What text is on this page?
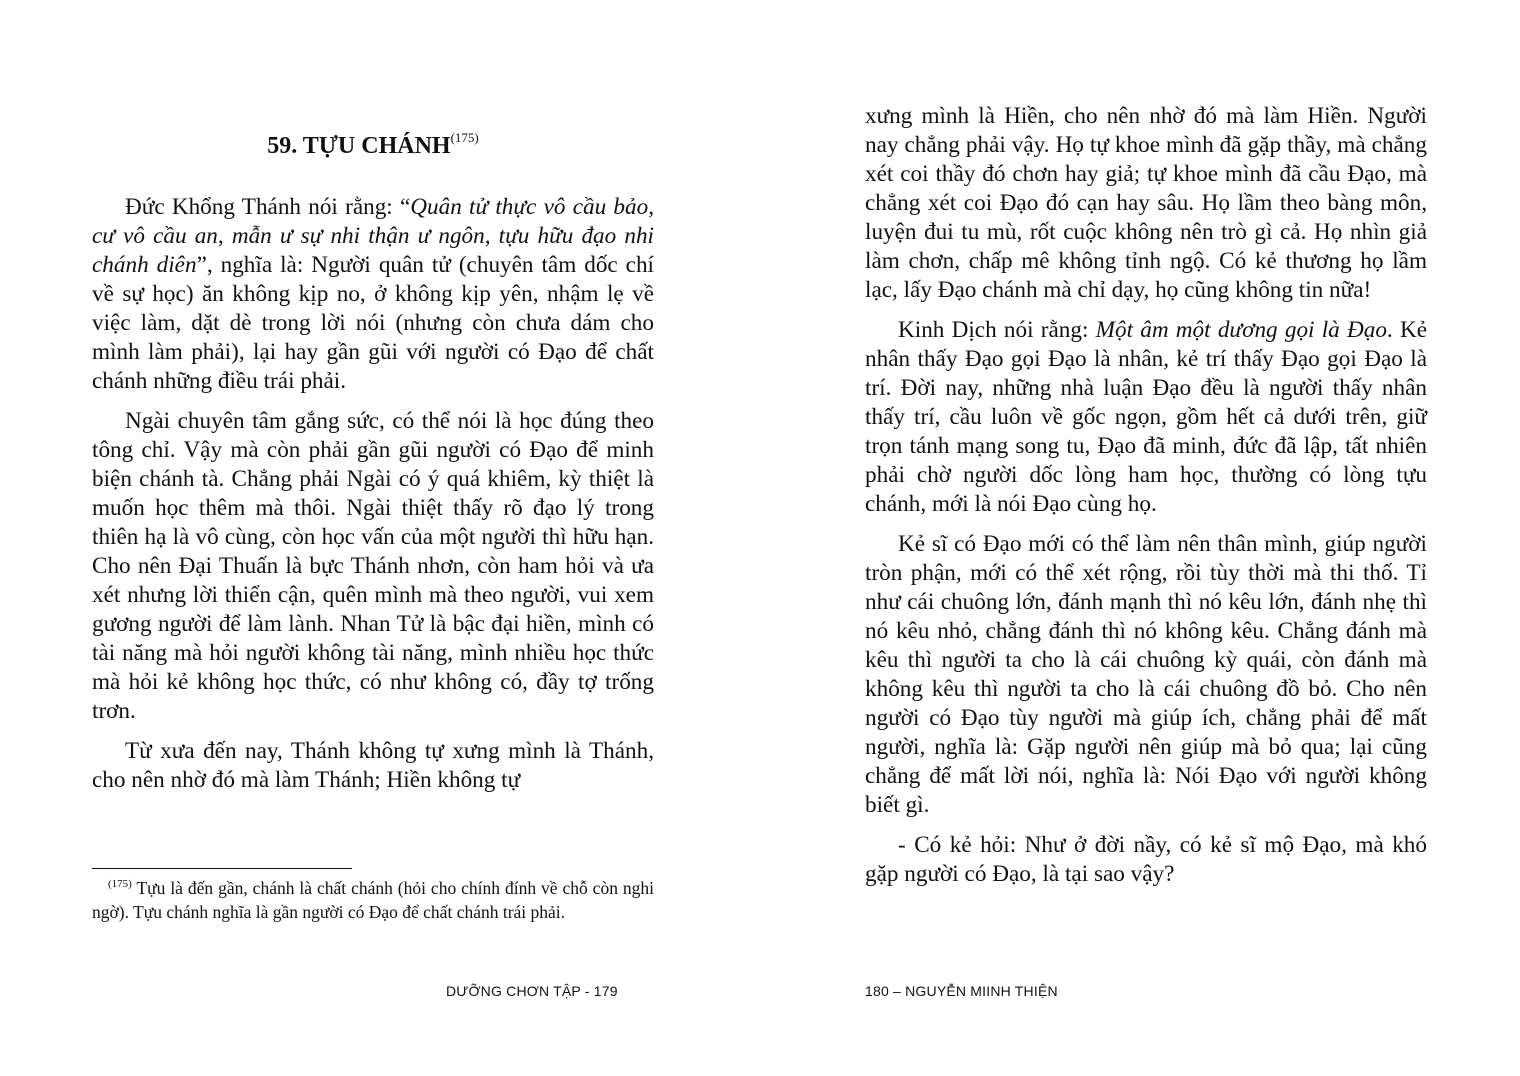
59. TỰU CHÁNH$^{(175)}$

Đức Khổng Thánh nói rằng: “Quân tử thực vô cầu bảo, cư vô cầu an, mẫn ư sự nhi thận ư ngôn, tựu hữu đạo nhi chánh diên”, nghĩa là: Người quân tử (chuyên tâm dốc chí về sự học) ăn không kịp no, ở không kịp yên, nhậm lẹ về việc làm, dặt dè trong lời nói (nhưng còn chưa dám cho mình làm phải), lại hay gần gũi với người có Đạo để chất chánh những điều trái phải.

Ngài chuyên tâm gắng sức, có thể nói là học đúng theo tông chỉ. Vậy mà còn phải gần gũi người có Đạo để minh biện chánh tà. Chẳng phải Ngài có ý quá khiêm, kỳ thiệt là muốn học thêm mà thôi. Ngài thiệt thấy rõ đạo lý trong thiên hạ là vô cùng, còn học vấn của một người thì hữu hạn. Cho nên Đại Thuấn là bực Thánh nhơn, còn ham hỏi và ưa xét nhưng lời thiển cận, quên mình mà theo người, vui xem gương người để làm lành. Nhan Tử là bậc đại hiền, mình có tài năng mà hỏi người không tài năng, mình nhiều học thức mà hỏi kẻ không học thức, có như không có, đầy tợ trống trơn.

Từ xưa đến nay, Thánh không tự xưng mình là Thánh, cho nên nhờ đó mà làm Thánh; Hiền không tự

$^{(175)}$ Tựu là đến gần, chánh là chất chánh (hỏi cho chính đính về chỗ còn nghi ngờ). Tựu chánh nghĩa là gần người có Đạo để chất chánh trái phải.

DƯỠNG CHƠN TẬP - 179

xưng mình là Hiền, cho nên nhờ đó mà làm Hiền. Người nay chẳng phải vậy. Họ tự khoe mình đã gặp thầy, mà chẳng xét coi thầy đó chơn hay giả; tự khoe mình đã cầu Đạo, mà chẳng xét coi Đạo đó cạn hay sâu. Họ lầm theo bàng môn, luyện đui tu mù, rốt cuộc không nên trò gì cả. Họ nhìn giả làm chơn, chấp mê không tỉnh ngộ. Có kẻ thương họ lầm lạc, lấy Đạo chánh mà chỉ dạy, họ cũng không tin nữa!

Kinh Dịch nói rằng: Một âm một dương gọi là Đạo. Kẻ nhân thấy Đạo gọi Đạo là nhân, kẻ trí thấy Đạo gọi Đạo là trí. Đời nay, những nhà luận Đạo đều là người thấy nhân thấy trí, cầu luôn về gốc ngọn, gồm hết cả dưới trên, giữ trọn tánh mạng song tu, Đạo đã minh, đức đã lập, tất nhiên phải chờ người dốc lòng ham học, thường có lòng tựu chánh, mới là nói Đạo cùng họ.

Kẻ sĩ có Đạo mới có thể làm nên thân mình, giúp người tròn phận, mới có thể xét rộng, rồi tùy thời mà thi thố. Tỉ như cái chuông lớn, đánh mạnh thì nó kêu lớn, đánh nhẹ thì nó kêu nhỏ, chẳng đánh thì nó không kêu. Chẳng đánh mà kêu thì người ta cho là cái chuông kỳ quái, còn đánh mà không kêu thì người ta cho là cái chuông đồ bỏ. Cho nên người có Đạo tùy người mà giúp ích, chẳng phải để mất người, nghĩa là: Gặp người nên giúp mà bỏ qua; lại cũng chẳng để mất lời nói, nghĩa là: Nói Đạo với người không biết gì.

- Có kẻ hỏi: Như ở đời nầy, có kẻ sĩ mộ Đạo, mà khó gặp người có Đạo, là tại sao vậy?

180 – NGUYỄN MIINH THIỆN
